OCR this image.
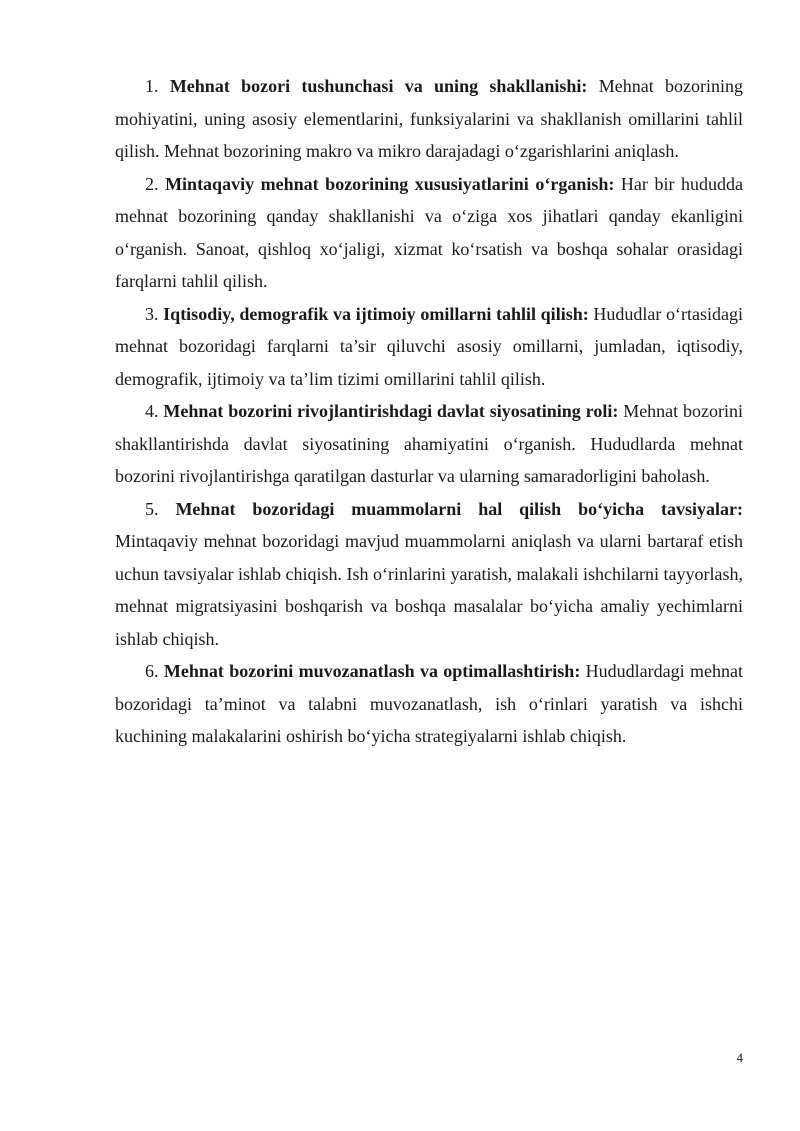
1. Mehnat bozori tushunchasi va uning shakllanishi: Mehnat bozorining mohiyatini, uning asosiy elementlarini, funksiyalarini va shakllanish omillarini tahlil qilish. Mehnat bozorining makro va mikro darajadagi o‘zgarishlarini aniqlash.

2. Mintaqaviy mehnat bozorining xususiyatlarini o‘rganish: Har bir hududda mehnat bozorining qanday shakllanishi va o‘ziga xos jihatlari qanday ekanligini o‘rganish. Sanoat, qishloq xo‘jaligi, xizmat ko‘rsatish va boshqa sohalar orasidagi farqlarni tahlil qilish.

3. Iqtisodiy, demografik va ijtimoiy omillarni tahlil qilish: Hududlar o‘rtasidagi mehnat bozoridagi farqlarni ta’sir qiluvchi asosiy omillarni, jumladan, iqtisodiy, demografik, ijtimoiy va ta’lim tizimi omillarini tahlil qilish.

4. Mehnat bozorini rivojlantirishdagi davlat siyosatining roli: Mehnat bozorini shakllantirishda davlat siyosatining ahamiyatini o‘rganish. Hududlarda mehnat bozorini rivojlantirishga qaratilgan dasturlar va ularning samaradorligini baholash.

5. Mehnat bozoridagi muammolarni hal qilish bo‘yicha tavsiyalar: Mintaqaviy mehnat bozoridagi mavjud muammolarni aniqlash va ularni bartaraf etish uchun tavsiyalar ishlab chiqish. Ish o‘rinlarini yaratish, malakali ishchilarni tayyorlash, mehnat migratsiyasini boshqarish va boshqa masalalar bo‘yicha amaliy yechimlarni ishlab chiqish.

6. Mehnat bozorini muvozanatlash va optimallashtirish: Hududlardagi mehnat bozoridagi ta’minot va talabni muvozanatlash, ish o‘rinlari yaratish va ishchi kuchining malakalarini oshirish bo‘yicha strategiyalarni ishlab chiqish.

4
